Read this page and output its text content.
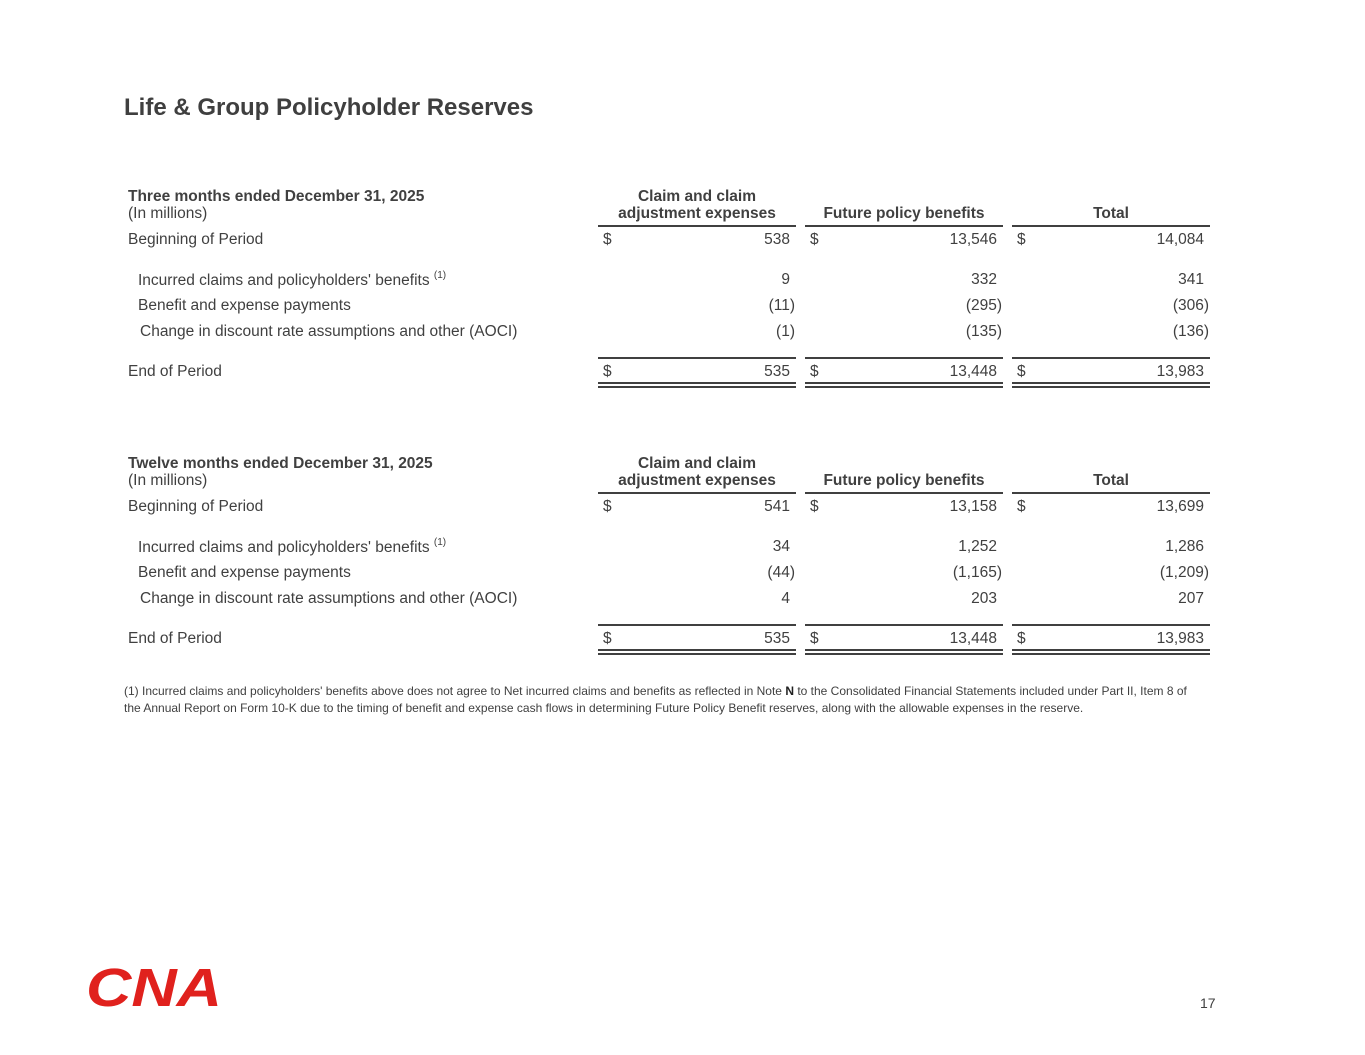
Life & Group Policyholder Reserves
Three months ended December 31, 2025
(In millions)
Claim and claim
adjustment expenses	Future policy benefits	Total
Beginning of Period	$	538 $	13,546 $	14,084
Incurred claims and policyholders' benefits $^{(1)}$	9	332	341
Benefit and expense payments	(11)	(295)	(306)
Change in discount rate assumptions and other (AOCI)	(1)	(135)	(136)
End of Period	$	535 $	13,448 $	13,983
Twelve months ended December 31, 2025
(In millions)
Claim and claim
adjustment expenses	Future policy benefits	Total
Beginning of Period	$	541 $	13,158 $	13,699
Incurred claims and policyholders' benefits $^{(1)}$	34	1,252	1,286
Benefit and expense payments	(44)	(1,165)	(1,209)
Change in discount rate assumptions and other (AOCI)	4	203	207
End of Period	$	535 $	13,448 $	13,983
(1) Incurred claims and policyholders' benefits above does not agree to Net incurred claims and benefits as reflected in Note N to the Consolidated Financial Statements included under Part II, Item 8 of the Annual Report on Form 10-K due to the timing of benefit and expense cash flows in determining Future Policy Benefit reserves, along with the allowable expenses in the reserve.
CNA	17
